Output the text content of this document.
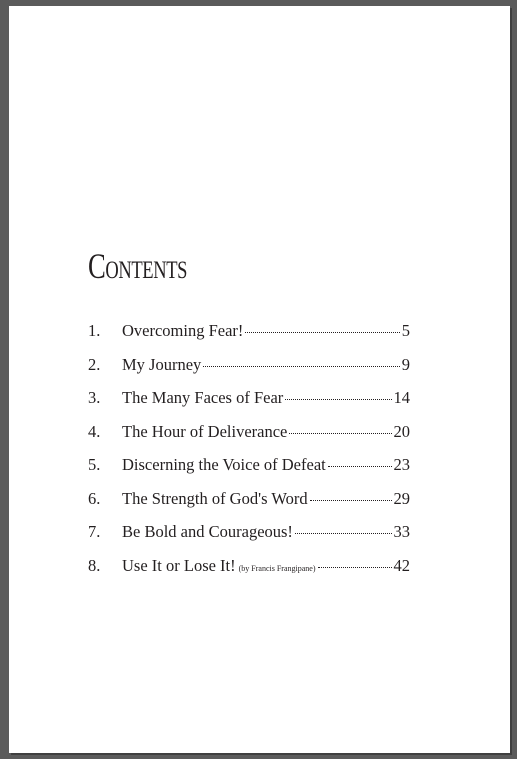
CONTENTS
1.	Overcoming Fear!	5
2.	My Journey	9
3.	The Many Faces of Fear	14
4.	The Hour of Deliverance	20
5.	Discerning the Voice of Defeat	23
6.	The Strength of God's Word	29
7.	Be Bold and Courageous!	33
8.	Use It or Lose It! (by Francis Frangipane)	42
